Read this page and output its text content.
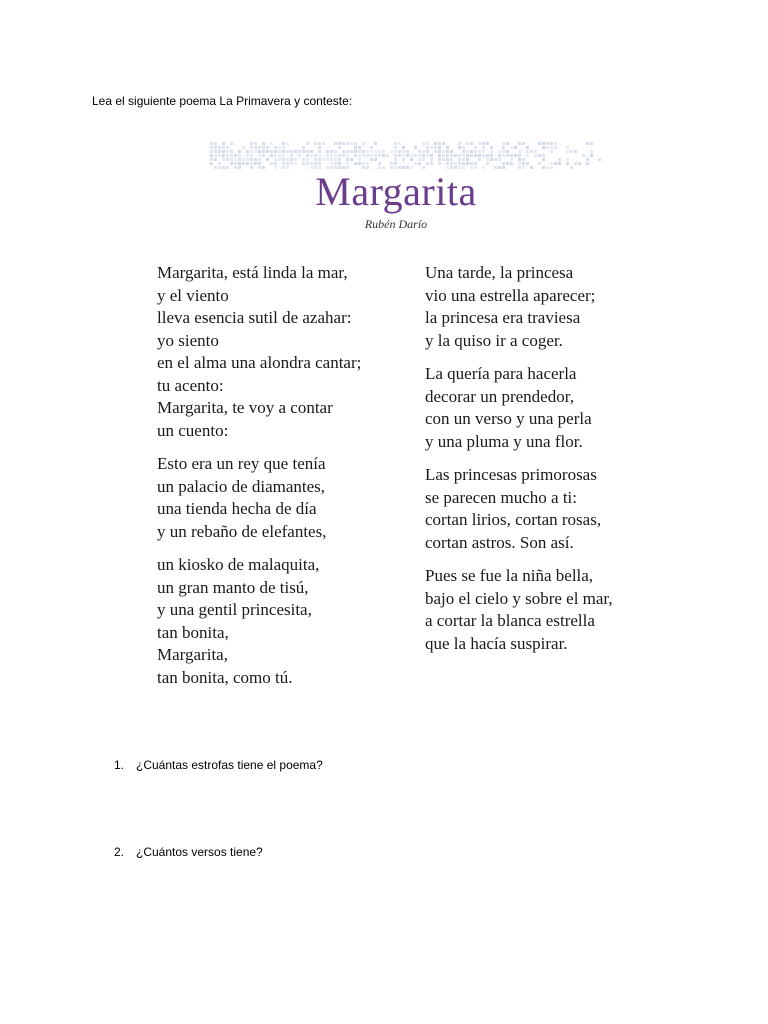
Lea el siguiente poema La Primavera y conteste:
Margarita
Rubén Darío
Margarita, está linda la mar,
y el viento
lleva esencia sutil de azahar:
yo siento
en el alma una alondra cantar;
tu acento:
Margarita, te voy a contar
un cuento:
Esto era un rey que tenía
un palacio de diamantes,
una tienda hecha de día
y un rebaño de elefantes,
un kiosko de malaquita,
un gran manto de tisú,
y una gentil princesita,
tan bonita,
Margarita,
tan bonita, como tú.
Una tarde, la princesa
vio una estrella aparecer;
la princesa era traviesa
y la quiso ir a coger.
La quería para hacerla
decorar un prendedor,
con un verso y una perla
y una pluma y una flor.
Las princesas primorosas
se parecen mucho a ti:
cortan lirios, cortan rosas,
cortan astros. Son así.
Pues se fue la niña bella,
bajo el cielo y sobre el mar,
a cortar la blanca estrella
que la hacía suspirar.
1. ¿Cuántas estrofas tiene el poema?
2. ¿Cuántos versos tiene?
